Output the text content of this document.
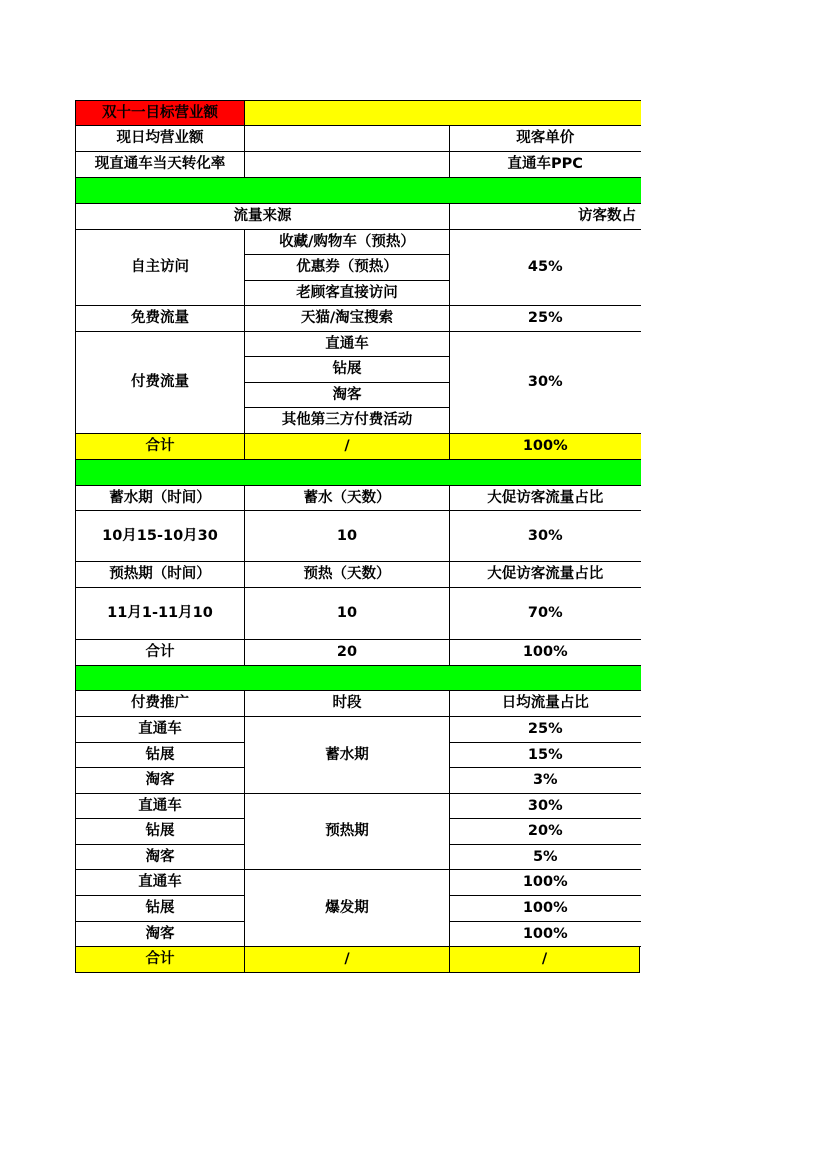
双十一目标营业额			
现日均营业额		现客单价	
现直通车当天转化率		直通车PPC	

流量来源		访客数占	
自主访问	收藏/购物车（预热）	45%	
	优惠券（预热）		
	老顾客直接访问		
免费流量	天猫/淘宝搜索	25%	
付费流量	直通车	30%	
	钻展		
	淘客		
	其他第三方付费活动		
合计	/	100%	

蓄水期（时间）	蓄水（天数）	大促访客流量占比	
10月15-10月30	10	30%	
预热期（时间）	预热（天数）	大促访客流量占比	
11月1-11月10	10	70%	
合计	20	100%	

付费推广	时段	日均流量占比	
直通车	蓄水期	25%	
钻展		15%	
淘客		3%	
直通车	预热期	30%	
钻展		20%	
淘客		5%	
直通车	爆发期	100%	
钻展		100%	
淘客		100%	
合计	/	/	
